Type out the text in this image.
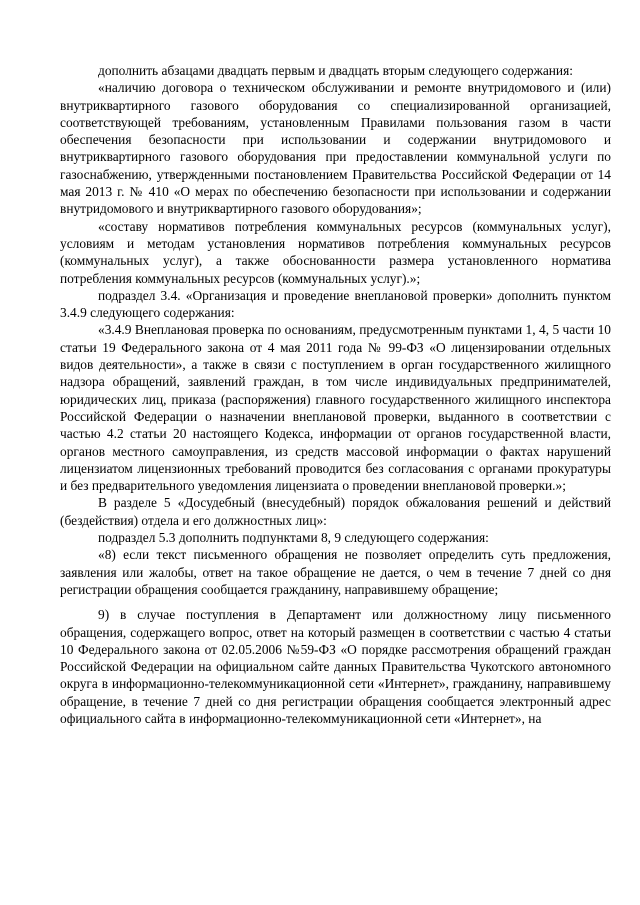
дополнить абзацами двадцать первым и двадцать вторым следующего содержания:

«наличию договора о техническом обслуживании и ремонте внутридомового и (или) внутриквартирного газового оборудования со специализированной организацией, соответствующей требованиям, установленным Правилами пользования газом в части обеспечения безопасности при использовании и содержании внутридомового и внутриквартирного газового оборудования при предоставлении коммунальной услуги по газоснабжению, утвержденными постановлением Правительства Российской Федерации от 14 мая 2013 г. № 410 «О мерах по обеспечению безопасности при использовании и содержании внутридомового и внутриквартирного газового оборудования»;

«составу нормативов потребления коммунальных ресурсов (коммунальных услуг), условиям и методам установления нормативов потребления коммунальных ресурсов (коммунальных услуг), а также обоснованности размера установленного норматива потребления коммунальных ресурсов (коммунальных услуг).»;

подраздел 3.4. «Организация и проведение внеплановой проверки» дополнить пунктом 3.4.9 следующего содержания:

«3.4.9 Внеплановая проверка по основаниям, предусмотренным пунктами 1, 4, 5 части 10 статьи 19 Федерального закона от 4 мая 2011 года № 99-ФЗ «О лицензировании отдельных видов деятельности», а также в связи с поступлением в орган государственного жилищного надзора обращений, заявлений граждан, в том числе индивидуальных предпринимателей, юридических лиц, приказа (распоряжения) главного государственного жилищного инспектора Российской Федерации о назначении внеплановой проверки, выданного в соответствии с частью 4.2 статьи 20 настоящего Кодекса, информации от органов государственной власти, органов местного самоуправления, из средств массовой информации о фактах нарушений лицензиатом лицензионных требований проводится без согласования с органами прокуратуры и без предварительного уведомления лицензиата о проведении внеплановой проверки.»;

В разделе 5 «Досудебный (внесудебный) порядок обжалования решений и действий (бездействия) отдела и его должностных лиц»:

подраздел 5.3 дополнить подпунктами 8, 9 следующего содержания:

«8) если текст письменного обращения не позволяет определить суть предложения, заявления или жалобы, ответ на такое обращение не дается, о чем в течение 7 дней со дня регистрации обращения сообщается гражданину, направившему обращение;

9) в случае поступления в Департамент или должностному лицу письменного обращения, содержащего вопрос, ответ на который размещен в соответствии с частью 4 статьи 10 Федерального закона от 02.05.2006 №59-ФЗ «О порядке рассмотрения обращений граждан Российской Федерации на официальном сайте данных Правительства Чукотского автономного округа в информационно-телекоммуникационной сети «Интернет», гражданину, направившему обращение, в течение 7 дней со дня регистрации обращения сообщается электронный адрес официального сайта в информационно-телекоммуникационной сети «Интернет», на
